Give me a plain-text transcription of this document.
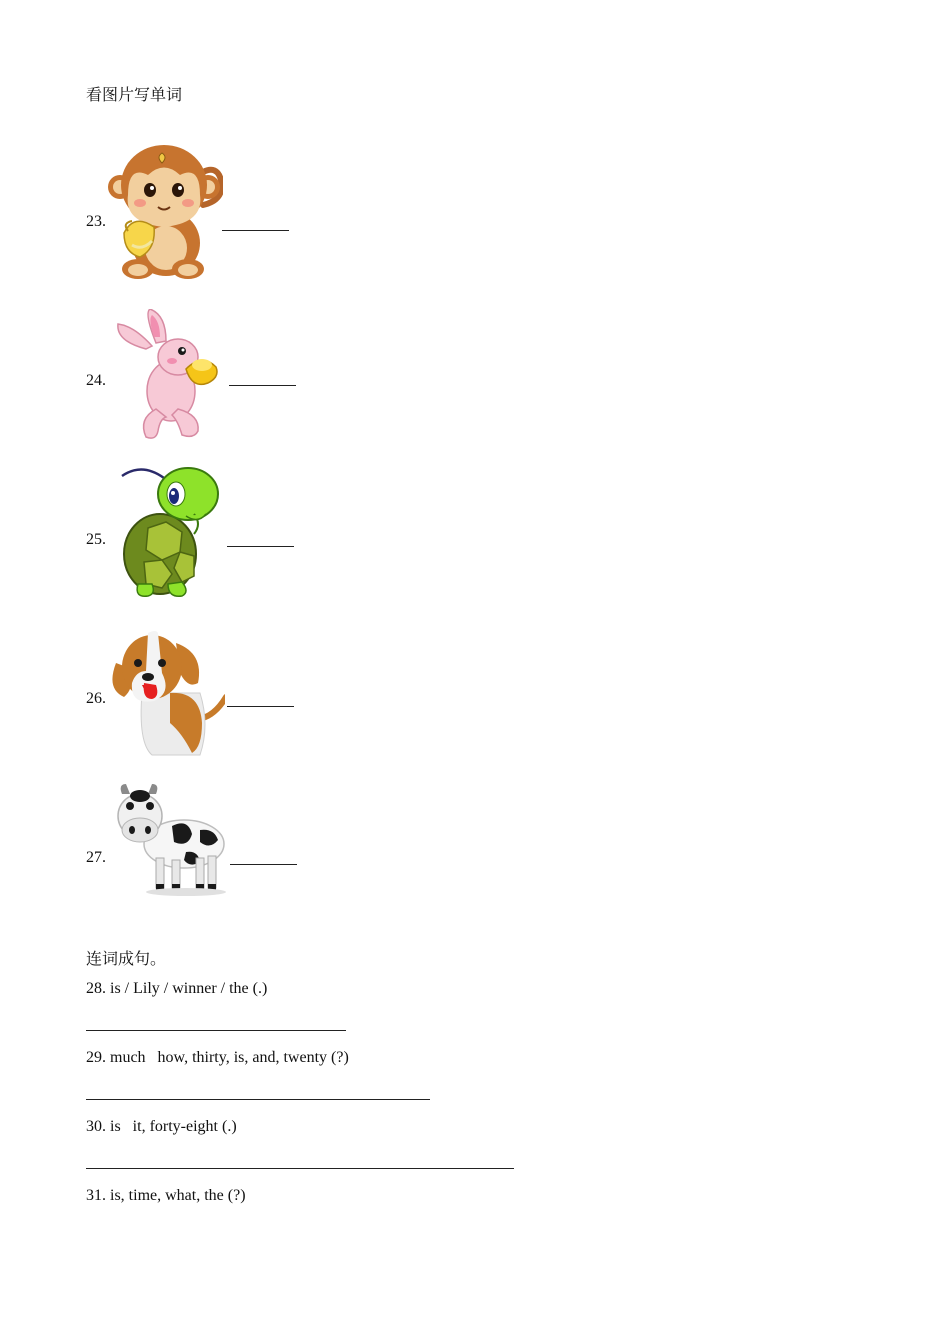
看图片写单词
23.
24.
25.
26.
27.
连词成句。
28. is / Lily / winner / the (.)
29. much   how, thirty, is, and, twenty (?)
30. is   it, forty-eight (.)
31. is, time, what, the (?)
